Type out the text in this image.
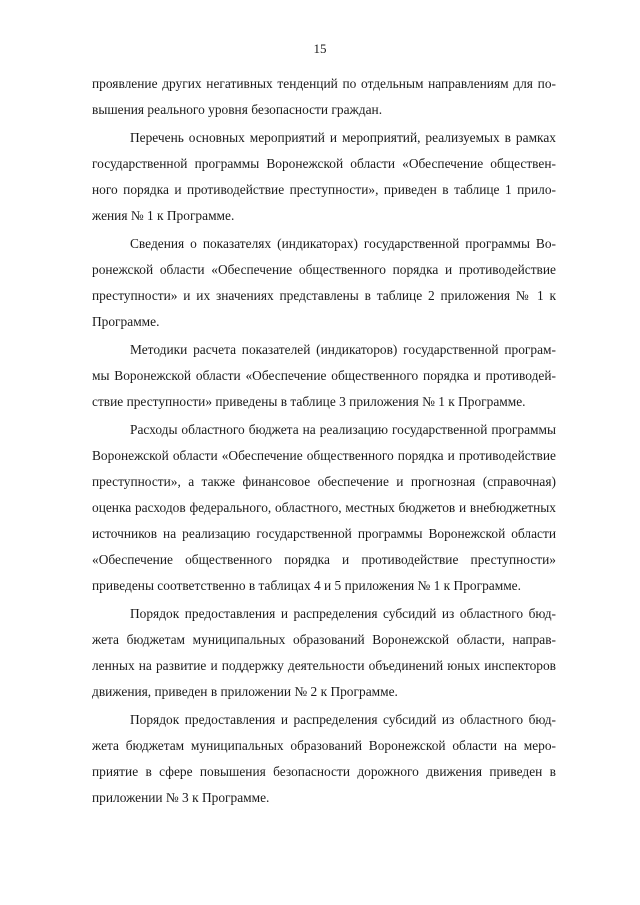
15

проявление других негативных тенденций по отдельным направлениям для повышения реального уровня безопасности граждан.

Перечень основных мероприятий и мероприятий, реализуемых в рамках государственной программы Воронежской области «Обеспечение общественного порядка и противодействие преступности», приведен в таблице 1 приложения № 1 к Программе.

Сведения о показателях (индикаторах) государственной программы Воронежской области «Обеспечение общественного порядка и противодействие преступности» и их значениях представлены в таблице 2 приложения № 1 к Программе.

Методики расчета показателей (индикаторов) государственной программы Воронежской области «Обеспечение общественного порядка и противодействие преступности» приведены в таблице 3 приложения № 1 к Программе.

Расходы областного бюджета на реализацию государственной программы Воронежской области «Обеспечение общественного порядка и противодействие преступности», а также финансовое обеспечение и прогнозная (справочная) оценка расходов федерального, областного, местных бюджетов и внебюджетных источников на реализацию государственной программы Воронежской области «Обеспечение общественного порядка и противодействие преступности» приведены соответственно в таблицах 4 и 5 приложения № 1 к Программе.

Порядок предоставления и распределения субсидий из областного бюджета бюджетам муниципальных образований Воронежской области, направленных на развитие и поддержку деятельности объединений юных инспекторов движения, приведен в приложении № 2 к Программе.

Порядок предоставления и распределения субсидий из областного бюджета бюджетам муниципальных образований Воронежской области на мероприятие в сфере повышения безопасности дорожного движения приведен в приложении № 3 к Программе.
